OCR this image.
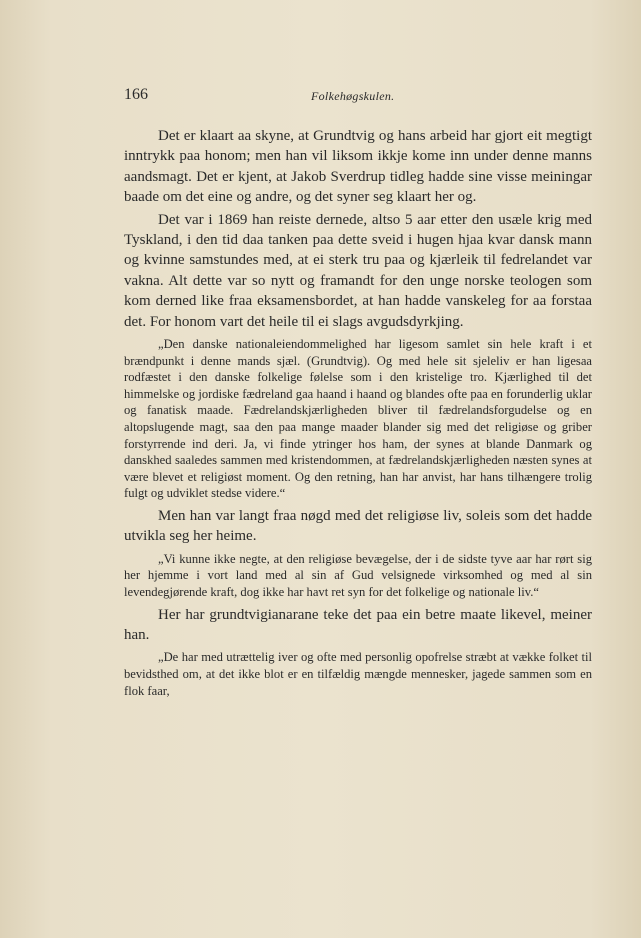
166	Folkehøgskulen.

Det er klaart aa skyne, at Grundtvig og hans arbeid har gjort eit megtigt inntrykk paa honom; men han vil liksom ikkje kome inn under denne manns aandsmagt. Det er kjent, at Jakob Sverdrup tidleg hadde sine visse meiningar baade om det eine og andre, og det syner seg klaart her og.

Det var i 1869 han reiste dernede, altso 5 aar etter den usæle krig med Tyskland, i den tid daa tanken paa dette sveid i hugen hjaa kvar dansk mann og kvinne samstundes med, at ei sterk tru paa og kjærleik til fedrelandet var vakna. Alt dette var so nytt og framandt for den unge norske teologen som kom derned like fraa eksamensbordet, at han hadde vanskeleg for aa forstaa det. For honom vart det heile til ei slags avgudsdyrkjing.

„Den danske nationaleiendommelighed har ligesom samlet sin hele kraft i et brændpunkt i denne mands sjæl. (Grundtvig). Og med hele sit sjeleliv er han ligesaa rodfæstet i den danske folkelige følelse som i den kristelige tro. Kjærlighed til det himmelske og jordiske fædreland gaa haand i haand og blandes ofte paa en forunderlig uklar og fanatisk maade. Fædrelandskjærligheden bliver til fædrelandsforgudelse og en altopslugende magt, saa den paa mange maader blander sig med det religiøse og griber forstyrrende ind deri. Ja, vi finde ytringer hos ham, der synes at blande Danmark og danskhed saaledes sammen med kristendommen, at fædrelandskjærligheden næsten synes at være blevet et religiøst moment. Og den retning, han har anvist, har hans tilhængere trolig fulgt og udviklet stedse videre.“

Men han var langt fraa nøgd med det religiøse liv, soleis som det hadde utvikla seg her heime.

„Vi kunne ikke negte, at den religiøse bevægelse, der i de sidste tyve aar har rørt sig her hjemme i vort land med al sin af Gud velsignede virksomhed og med al sin levendegjørende kraft, dog ikke har havt ret syn for det folkelige og nationale liv.“

Her har grundtvigianarane teke det paa ein betre maate likevel, meiner han.

„De har med utrættelig iver og ofte med personlig opofrelse stræbt at vække folket til bevidsthed om, at det ikke blot er en tilfældig mængde mennesker, jagede sammen som en flok faar,
